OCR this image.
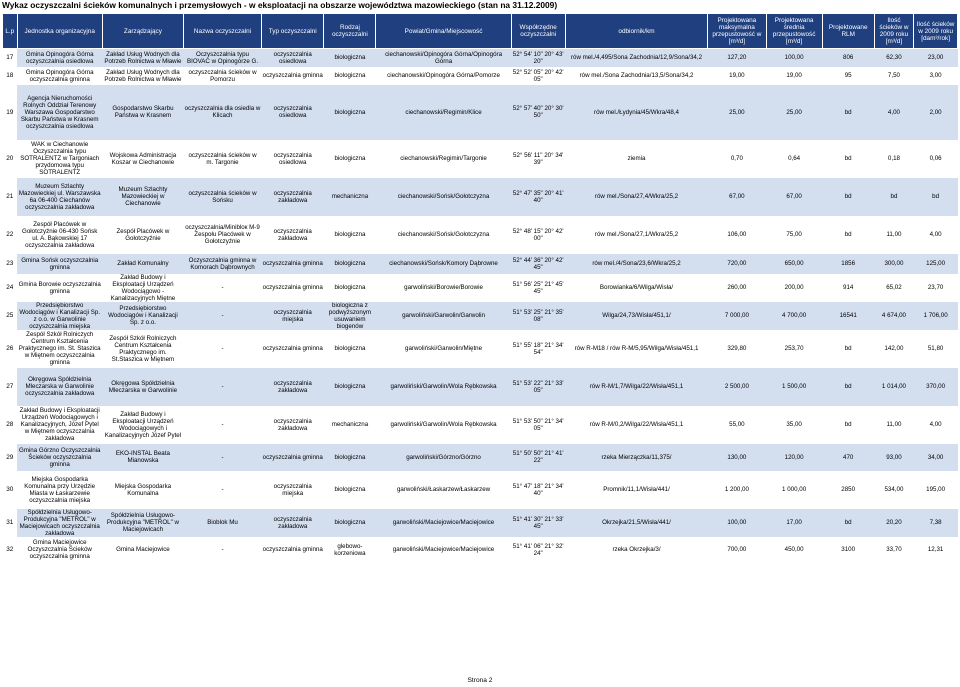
Wykaz oczyszczalni ścieków komunalnych i przemysłowych - w eksploatacji na obszarze województwa mazowieckiego (stan na 31.12.2009)
L.p	Jednostka organizacyjna	Zarządzający	Nazwa oczyszczalni	Typ oczyszczalni	Rodzaj oczyszczalni	Powiat/Gmina/Miejscowość	Współrzędne oczyszczalni	odbiornik/km	Projektowana maksymalna przepustowość w [m³/d]	Projektowana średnia przepustowość [m³/d]	Projektowane RLM	Ilość ścieków w 2009 roku [m³/d]	Ilość ścieków w 2009 roku [dam³/rok]
17	Gmina Opinogóra Górna oczyszczalnia osiedlowa	Zakład Usług Wodnych dla Potrzeb Rolnictwa w Mławie	Oczyszczalnia typu BIOVAC w Opinogórze G.	oczyszczalnia osiedlowa	biologiczna	ciechanowski/Opinogóra Górna/Opinogóra Górna	52° 54' 10" 20° 43' 20"	rów mel./4,495/Sona Zachodnia/12,9/Sona/34,2	127,20	100,00	806	62,30	23,00
18	Gmina Opinogóra Górna oczyszczalnia gminna	Zakład Usług Wodnych dla Potrzeb Rolnictwa w Mławie	oczyszczalnia ścieków w Pomorzu	oczyszczalnia gminna	biologiczna	ciechanowski/Opinogóra Górna/Pomorze	52° 52' 05" 20° 42' 05"	rów mel./Sona Zachodnia/13,5/Sona/34,2	19,00	19,00	95	7,50	3,00
19	Agencja Nieruchomości Rolnych Oddział Terenowy Warszawa Gospodarstwo Skarbu Państwa w Krasnem oczyszczalnia osiedlowa	Gospodarstwo Skarbu Państwa w Krasnem	oczyszczalnia dla osiedla w Klicach	oczyszczalnia osiedlowa	biologiczna	ciechanowski/Regimin/Klice	52° 57' 40" 20° 30' 50"	rów mel./Łydynia/45/Wkra/48,4	25,00	25,00	bd	4,00	2,00
20	WAK w Ciechanowie Oczyszczalnia typu SOTRALENTZ w Targoniach przydomowa typu SOTRALENTZ	Wojskowa Administracja Koszar w Ciechanowie	oczyszczalnia ścieków w m. Targonie	oczyszczalnia osiedlowa	biologiczna	ciechanowski/Regimin/Targonie	52° 56' 11" 20° 34' 39"	ziemia	0,70	0,64	bd	0,18	0,06
21	Muzeum Szlachty Mazowieckiej ul. Warszawska 6a 06-400 Ciechanów oczyszczalnia zakładowa	Muzeum Szlachty Mazowieckiej w Ciechanowie	oczyszczalnia ścieków w Sońsku	oczyszczalnia zakładowa	mechaniczna	ciechanowski/Sońsk/Gołotczyzna	52° 47' 35" 20° 41' 40"	rów mel./Sona/27,4/Wkra/25,2	67,00	67,00	bd	bd	bd
22	Zespół Placówek w Gołotczyźnie 06-430 Sońsk ul. A. Bąkowskiej 17 oczyszczalnia zakładowa	Zespół Placówek w Gołotczyźnie	oczyszczalnia/Minibloк M-9 Zespołu Placówek w Gołotczyźnie	oczyszczalnia zakładowa	biologiczna	ciechanowski/Sońsk/Gołotczyzna	52° 48' 15" 20° 42' 00"	rów mel./Sona/27,1/Wkra/25,2	106,00	75,00	bd	11,00	4,00
23	Gmina Sońsk oczyszczalnia gminna	Zakład Komunalny	Oczyszczalnia gminna w Komorach Dąbrownych	oczyszczalnia gminna	biologiczna	ciechanowski/Sońsk/Komory Dąbrowne	52° 44' 36" 20° 42' 45"	rów mel./4/Sona/23,6/Wkra/25,2	720,00	650,00	1856	300,00	125,00
24	Gmina Borowie oczyszczalnia gminna	Zakład Budowy i Eksploatacji Urządzeń Wodociągowo - Kanalizacyjnych Miętne	-	oczyszczalnia gminna	biologiczna	garwoliński/Borowie/Borowie	51° 56' 25" 21° 45' 45"	Borowianka/6/Wilga/Wisła/	260,00	200,00	914	65,02	23,70
25	Przedsiębiorstwo Wodociągów i Kanalizacji Sp. z o.o. w Garwolinie oczyszczalnia miejska	Przedsiębiorstwo Wodociągów i Kanalizacji Sp. z o.o.	-	oczyszczalnia miejska	biologiczna z podwyższonym usuwaniem biogenów	garwoliński/Garwolin/Garwolin	51° 53' 25" 21° 35' 08"	Wilga/24,73/Wisła/451,1/	7 000,00	4 700,00	16541	4 674,00	1 706,00
26	Zespół Szkół Rolniczych Centrum Kształcenia Praktycznego im. St. Staszica w Miętnem oczyszczalnia gminna	Zespół Szkół Rolniczych Centrum Kształcenia Praktycznego im. St.Staszica w Miętnem	-	oczyszczalnia gminna	biologiczna	garwoliński/Garwolin/Miętne	51° 55' 18" 21° 34' 54"	rów R-M18 / rów R-M/5,95/Wilga/Wisła/451,1	329,80	253,70	bd	142,00	51,80
27	Okręgowa Spółdzielnia Mleczarska w Garwolinie oczyszczalnia zakładowa	Okręgowa Spółdzielnia Mleczarska w Garwolinie	-	oczyszczalnia zakładowa	biologiczna	garwoliński/Garwolin/Wola Rębkowska	51° 53' 22" 21° 33' 05"	rów R-M/1,7/Wilga/22/Wisła/451,1	2 500,00	1 500,00	bd	1 014,00	370,00
28	Zakład Budowy i Eksploatacji Urządzeń Wodociągowych i Kanalizacyjnych, Józef Pytel w Miętnem oczyszczalnia zakładowa	Zakład Budowy i Eksploatacji Urządzeń Wodociągowych i Kanalizacyjnych Józef Pytel	-	oczyszczalnia zakładowa	mechaniczna	garwoliński/Garwolin/Wola Rębkowska	51° 53' 50" 21° 34' 05"	rów R-M/0,2/Wilga/22/Wisła/451,1	55,00	35,00	bd	11,00	4,00
29	Gmina Górzno Oczyszczalnia Ścieków oczyszczalnia gminna	EKO-INSTAL Beata Mianowska	-	oczyszczalnia gminna	biologiczna	garwoliński/Górzno/Górzno	51° 50' 50" 21° 41' 22"	rzeka Mierzączka/11,375/	130,00	120,00	470	93,00	34,00
30	Miejska Gospodarka Komunalna przy Urzędzie Miasta w Łaskarzewie oczyszczalnia miejska	Miejska Gospodarka Komunalna	-	oczyszczalnia miejska	biologiczna	garwoliński/Łaskarzew/Łaskarzew	51° 47' 18" 21° 34' 40"	Promnik/11,1/Wisła/441/	1 200,00	1 000,00	2850	534,00	195,00
31	Spółdzielnia Usługowo-Produkcyjna "METROL" w Maciejowicach oczyszczalnia zakładowa	Spółdzielnia Usługowo-Produkcyjna "METROL" w Maciejowicach	Bioblok Mu	oczyszczalnia zakładowa	biologiczna	garwoliński/Maciejowice/Maciejowice	51° 41' 30" 21° 33' 45"	Okrzejka/21,5/Wisła/441/	100,00	17,00	bd	20,20	7,38
32	Gmina Maciejowice Oczyszczalnia Ścieków oczyszczalnia gminna	Gmina Maciejowice	-	oczyszczalnia gminna	glebowo-korzeniowa	garwoliński/Maciejowice/Maciejowice	51° 41' 06" 21° 32' 24"	rzeka Okrzejka/3/	700,00	450,00	3100	33,70	12,31
Strona 2
